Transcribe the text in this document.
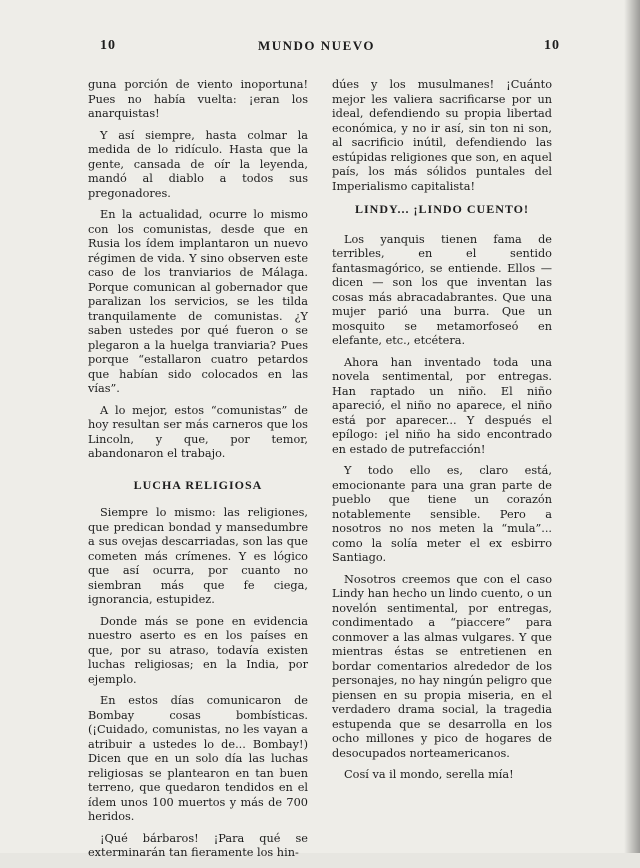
10	MUNDO NUEVO	10

guna porción de viento inoportuna! Pues no había vuelta: ¡eran los anarquistas!

Y así siempre, hasta colmar la medida de lo ridículo. Hasta que la gente, cansada de oír la leyenda, mandó al diablo a todos sus pregonadores.

En la actualidad, ocurre lo mismo con los comunistas, desde que en Rusia los ídem implantaron un nuevo régimen de vida. Y sino observen este caso de los tranviarios de Málaga. Porque comunican al gobernador que paralizan los servicios, se les tilda tranquilamente de comunistas. ¿Y saben ustedes por qué fueron o se plegaron a la huelga tranviaria? Pues porque “estallaron cuatro petardos que habían sido colocados en las vías”.

A lo mejor, estos “comunistas” de hoy resultan ser más carneros que los Lincoln, y que, por temor, abandonaron el trabajo.

LUCHA RELIGIOSA

Siempre lo mismo: las religiones, que predican bondad y mansedumbre a sus ovejas descarriadas, son las que cometen más crímenes. Y es lógico que así ocurra, por cuanto no siembran más que fe ciega, ignorancia, estupidez.

Donde más se pone en evidencia nuestro aserto es en los países en que, por su atraso, todavía existen luchas religiosas; en la India, por ejemplo.

En estos días comunicaron de Bombay cosas bombísticas. (¡Cuidado, comunistas, no les vayan a atribuir a ustedes lo de... Bombay!) Dicen que en un solo día las luchas religiosas se plantearon en tan buen terreno, que quedaron tendidos en el ídem unos 100 muertos y más de 700 heridos.

¡Qué bárbaros! ¡Para qué se exterminarán tan fieramente los hin-

dúes y los musulmanes! ¡Cuánto mejor les valiera sacrificarse por un ideal, defendiendo su propia libertad económica, y no ir así, sin ton ni son, al sacrificio inútil, defendiendo las estúpidas religiones que son, en aquel país, los más sólidos puntales del Imperialismo capitalista!

LINDY... ¡LINDO CUENTO!

Los yanquis tienen fama de terribles, en el sentido fantasmagórico, se entiende. Ellos — dicen — son los que inventan las cosas más abracadabrantes. Que una mujer parió una burra. Que un mosquito se metamorfoseó en elefante, etc., etcétera.

Ahora han inventado toda una novela sentimental, por entregas. Han raptado un niño. El niño apareció, el niño no aparece, el niño está por aparecer... Y después el epílogo: ¡el niño ha sido encontrado en estado de putrefacción!

Y todo ello es, claro está, emocionante para una gran parte de pueblo que tiene un corazón notablemente sensible. Pero a nosotros no nos meten la “mula”... como la solía meter el ex esbirro Santiago.

Nosotros creemos que con el caso Lindy han hecho un lindo cuento, o un novelón sentimental, por entregas, condimentado a “piaccere” para conmover a las almas vulgares. Y que mientras éstas se entretienen en bordar comentarios alrededor de los personajes, no hay ningún peligro que piensen en su propia miseria, en el verdadero drama social, la tragedia estupenda que se desarrolla en los ocho millones y pico de hogares de desocupados norteamericanos.

Cosí va il mondo, serella mía!
